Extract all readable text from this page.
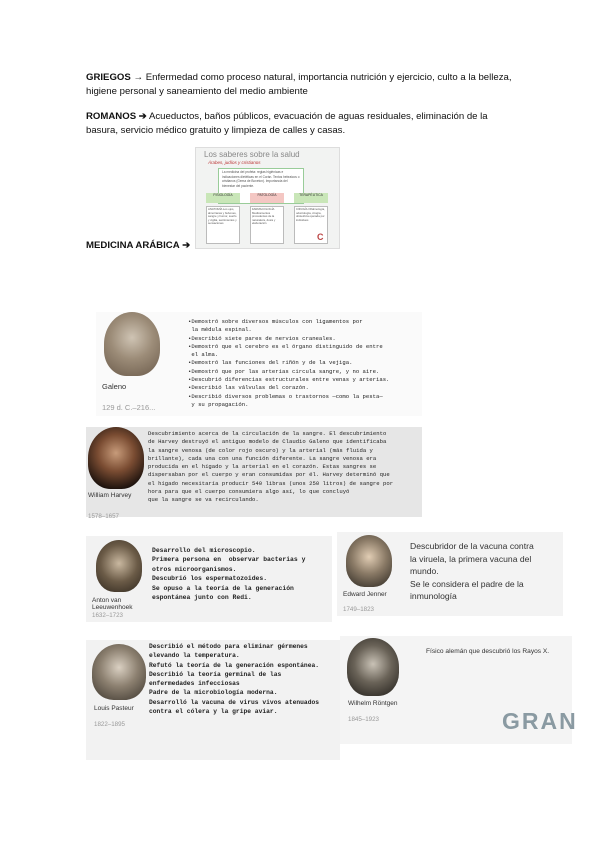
GRIEGOS → Enfermedad como proceso natural, importancia nutrición y ejercicio, culto a la belleza, higiene personal y saneamiento del medio ambiente
ROMANOS ➔ Acueductos, baños públicos, evacuación de aguas residuales, eliminación de la basura, servicio médico gratuito y limpieza de calles y casas.
Los saberes sobre la salud
Árabes, judíos y cristianos
La medicina del profeta: reglas higiénicas e indicaciones dietéticas en el Corán. Textos hebraicos o cristianos (Gema de Bovetcn). Importancia del bienestar del paciente.
FISIOLOGÍA	PATOLOGÍA	TERAPÉUTICA
ANATOMÍA Los ojos, almorranas y bubones, sangre y humor, sueño y vigilia, sentimientos y sensaciones
FARMACOLOGÍA Medicamentos procedentes de la naturaleza, dosis y elaboración
CIRUGÍA Oftalmología, odontología, cirugía, obstetricia operada por individuos
C
MEDICINA ARÁBICA ➔
Galeno
129 d. C.–216...
•Demostró sobre diversos músculos con ligamentos por
la médula espinal.
•Describió siete pares de nervios craneales.
•Demostró que el cerebro es el órgano distinguido de entre
el alma.
•Demostró las funciones del riñón y de la vejiga.
•Demostró que por las arterias circula sangre, y no aire.
•Descubrió diferencias estructurales entre venas y arterias.
•Describió las válvulas del corazón.
•Describió diversos problemas o trastornos —como la pesta—
y su propagación.
William Harvey
1578–1657
Descubrimiento acerca de la circulación de la sangre. El descubrimiento
de Harvey destruyó el antiguo modelo de Claudio Galeno que identificaba
la sangre venosa (de color rojo oscuro) y la arterial (más fluida y
brillante), cada una con una función diferente. La sangre venosa era
producida en el hígado y la arterial en el corazón. Estas sangres se
dispersaban por el cuerpo y eran consumidas por él. Harvey determinó que
el hígado necesitaría producir 540 libras (unos 250 litros) de sangre por
hora para que el cuerpo consumiera algo así, lo que concluyó
que la sangre se va recirculando.
Anton van Leeuwenhoek
1632–1723
Desarrollo del microscopio.
Primera persona en  observar bacterias y
otros microorganismos.
Descubrió los espermatozoides.
Se opuso a la teoría de la generación
espontánea junto con Redi.	Edward Jenner
1749–1823
Descubridor de la vacuna contra
la viruela, la primera vacuna del
mundo.
Se le considera el padre de la
inmunología
Louis Pasteur
1822–1895
Describió el método para eliminar gérmenes
elevando la temperatura.
Refutó la teoría de la generación espontánea.
Describió la teoría germinal de las
enfermedades infecciosas
Padre de la microbiología moderna.
Desarrolló la vacuna de virus vivos atenuados
contra el cólera y la gripe aviar.
Wilhelm Röntgen
1845–1923
Físico alemán que descubrió los Rayos X.
GRAN
